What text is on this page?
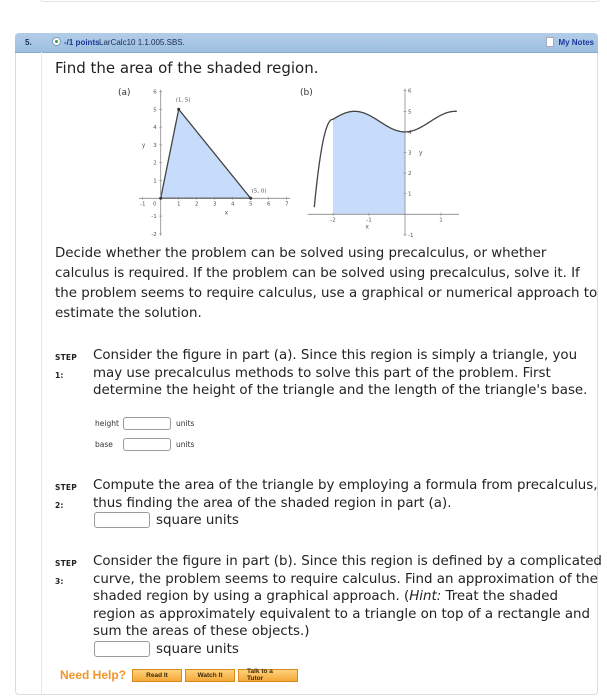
5.	-/1 points LarCalc10 1.1.005.SBS.	My Notes
Find the area of the shaded region.
(a)
-1 0	1	2	3	4	5	6	7
6
5
4
3
2
1
-1
-2
(1, 5)
(5, 0)
x
y
(b)
-2	-1	1
6
5
4
3
2
1
-1
x
y
Decide whether the problem can be solved using precalculus, or whether calculus is required. If the problem can be solved using precalculus, solve it. If the problem seems to require calculus, use a graphical or numerical approach to estimate the solution.
STEP 1:
Consider the figure in part (a). Since this region is simply a triangle, you may use precalculus methods to solve this part of the problem. First determine the height of the triangle and the length of the triangle's base.
height	units
base	units
STEP 2:
Compute the area of the triangle by employing a formula from precalculus, thus finding the area of the shaded region in part (a).
square units
STEP 3:
Consider the figure in part (b). Since this region is defined by a complicated curve, the problem seems to require calculus. Find an approximation of the shaded region by using a graphical approach. (Hint: Treat the shaded region as approximately equivalent to a triangle on top of a rectangle and sum the areas of these objects.)
square units
Need Help?	Read It	Watch It	Talk to a Tutor
